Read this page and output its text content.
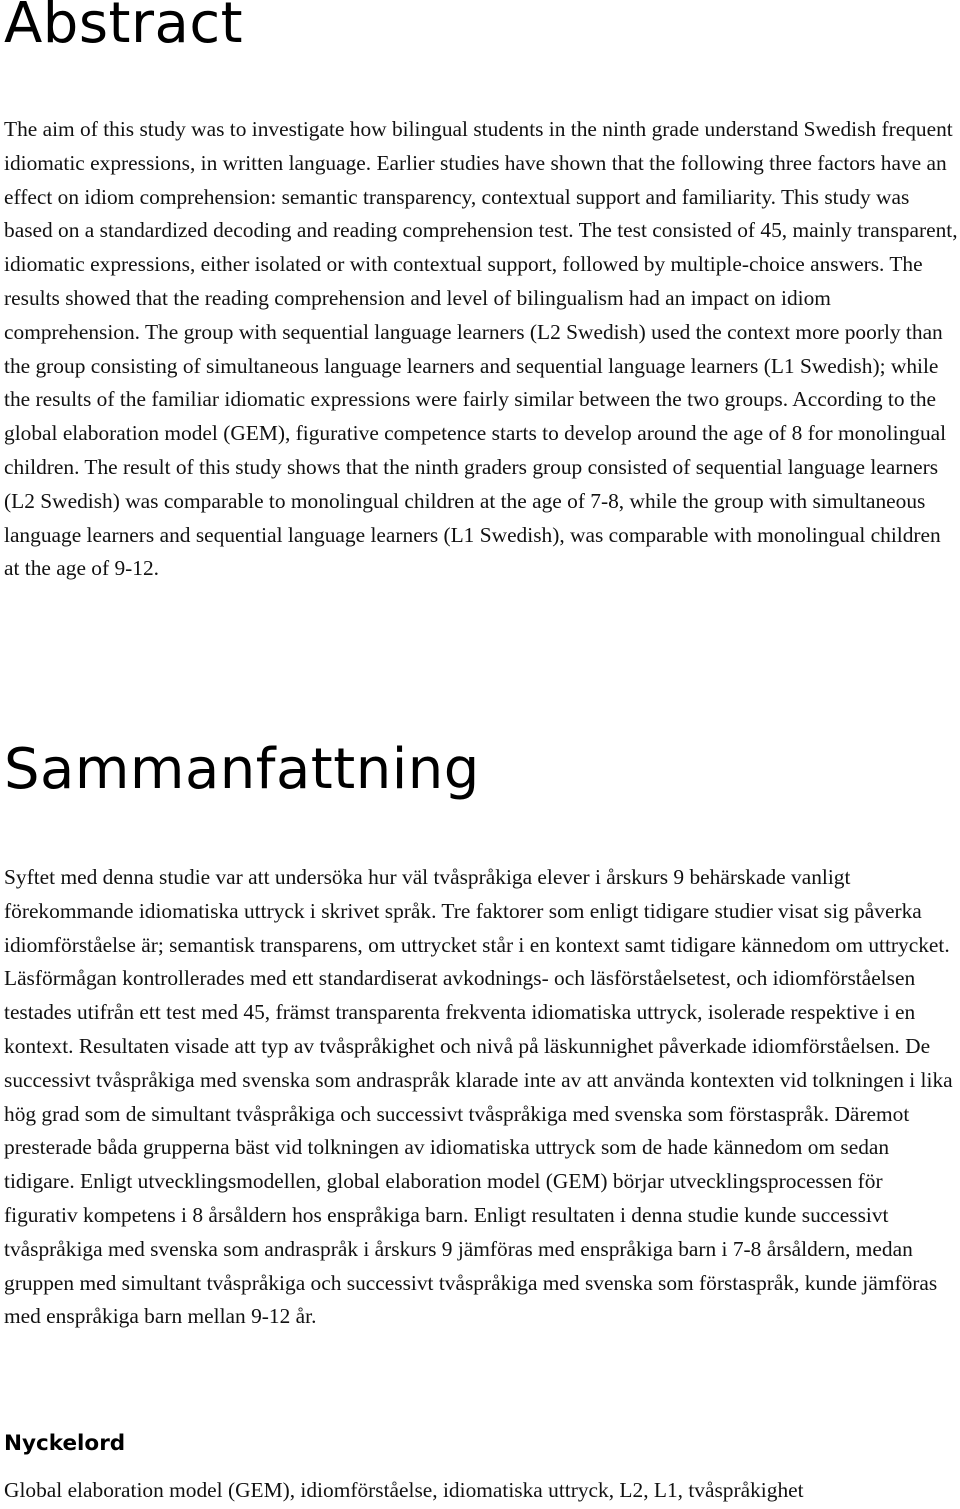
Abstract

The aim of this study was to investigate how bilingual students in the ninth grade understand Swedish frequent idiomatic expressions, in written language. Earlier studies have shown that the following three factors have an effect on idiom comprehension: semantic transparency, contextual support and familiarity. This study was based on a standardized decoding and reading comprehension test. The test consisted of 45, mainly transparent, idiomatic expressions, either isolated or with contextual support, followed by multiple-choice answers. The results showed that the reading comprehension and level of bilingualism had an impact on idiom comprehension. The group with sequential language learners (L2 Swedish) used the context more poorly than the group consisting of simultaneous language learners and sequential language learners (L1 Swedish); while the results of the familiar idiomatic expressions were fairly similar between the two groups. According to the global elaboration model (GEM), figurative competence starts to develop around the age of 8 for monolingual children. The result of this study shows that the ninth graders group consisted of sequential language learners (L2 Swedish) was comparable to monolingual children at the age of 7-8, while the group with simultaneous language learners and sequential language learners (L1 Swedish), was comparable with monolingual children at the age of 9-12.

Sammanfattning

Syftet med denna studie var att undersöka hur väl tvåspråkiga elever i årskurs 9 behärskade vanligt förekommande idiomatiska uttryck i skrivet språk. Tre faktorer som enligt tidigare studier visat sig påverka idiomförståelse är; semantisk transparens, om uttrycket står i en kontext samt tidigare kännedom om uttrycket. Läsförmågan kontrollerades med ett standardiserat avkodnings- och läsförståelsetest, och idiomförståelsen testades utifrån ett test med 45, främst transparenta frekventa idiomatiska uttryck, isolerade respektive i en kontext. Resultaten visade att typ av tvåspråkighet och nivå på läskunnighet påverkade idiomförståelsen. De successivt tvåspråkiga med svenska som andraspråk klarade inte av att använda kontexten vid tolkningen i lika hög grad som de simultant tvåspråkiga och successivt tvåspråkiga med svenska som förstaspråk. Däremot presterade båda grupperna bäst vid tolkningen av idiomatiska uttryck som de hade kännedom om sedan tidigare. Enligt utvecklingsmodellen, global elaboration model (GEM) börjar utvecklingsprocessen för figurativ kompetens i 8 årsåldern hos enspråkiga barn. Enligt resultaten i denna studie kunde successivt tvåspråkiga med svenska som andraspråk i årskurs 9 jämföras med enspråkiga barn i 7-8 årsåldern, medan gruppen med simultant tvåspråkiga och successivt tvåspråkiga med svenska som förstaspråk, kunde jämföras med enspråkiga barn mellan 9-12 år.

Nyckelord

Global elaboration model (GEM), idiomförståelse, idiomatiska uttryck, L2, L1, tvåspråkighet
